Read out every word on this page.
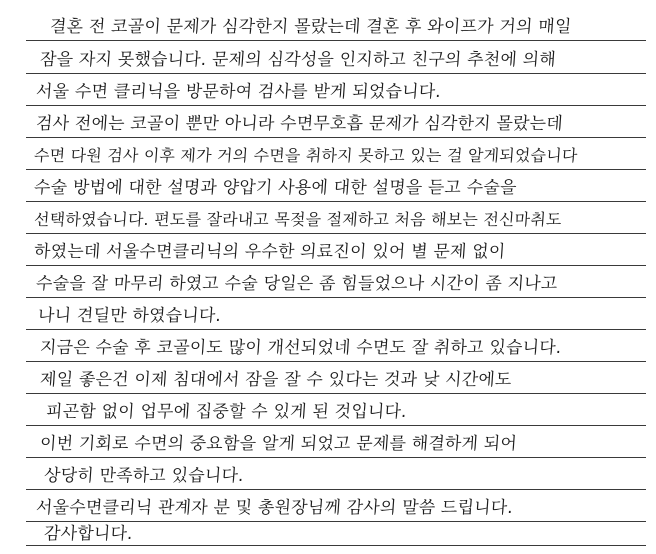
결혼 전 코골이 문제가 심각한지 몰랐는데 결혼 후 와이프가 거의 매일
잠을 자지 못했습니다. 문제의 심각성을 인지하고 친구의 추천에 의해
서울 수면 클리닉을 방문하여 검사를 받게 되었습니다.
검사 전에는 코골이 뿐만 아니라 수면무호흡 문제가 심각한지 몰랐는데
수면 다원 검사 이후 제가 거의 수면을 취하지 못하고 있는 걸 알게되었습니다
수술 방법에 대한 설명과 양압기 사용에 대한 설명을 듣고 수술을
선택하였습니다. 편도를 잘라내고 목젖을 절제하고 처음 해보는 전신마취도
하였는데 서울수면클리닉의 우수한 의료진이 있어 별 문제 없이
수술을 잘 마무리 하였고 수술 당일은 좀 힘들었으나 시간이 좀 지나고
나니 견딜만 하였습니다.
지금은 수술 후 코골이도 많이 개선되었네 수면도 잘 취하고 있습니다.
제일 좋은건 이제 침대에서 잠을 잘 수 있다는 것과 낮 시간에도
피곤함 없이 업무에 집중할 수 있게 된 것입니다.
이번 기회로 수면의 중요함을 알게 되었고 문제를 해결하게 되어
상당히 만족하고 있습니다.
서울수면클리닉 관계자 분 및 총원장님께 감사의 말씀 드립니다.
감사합니다.
